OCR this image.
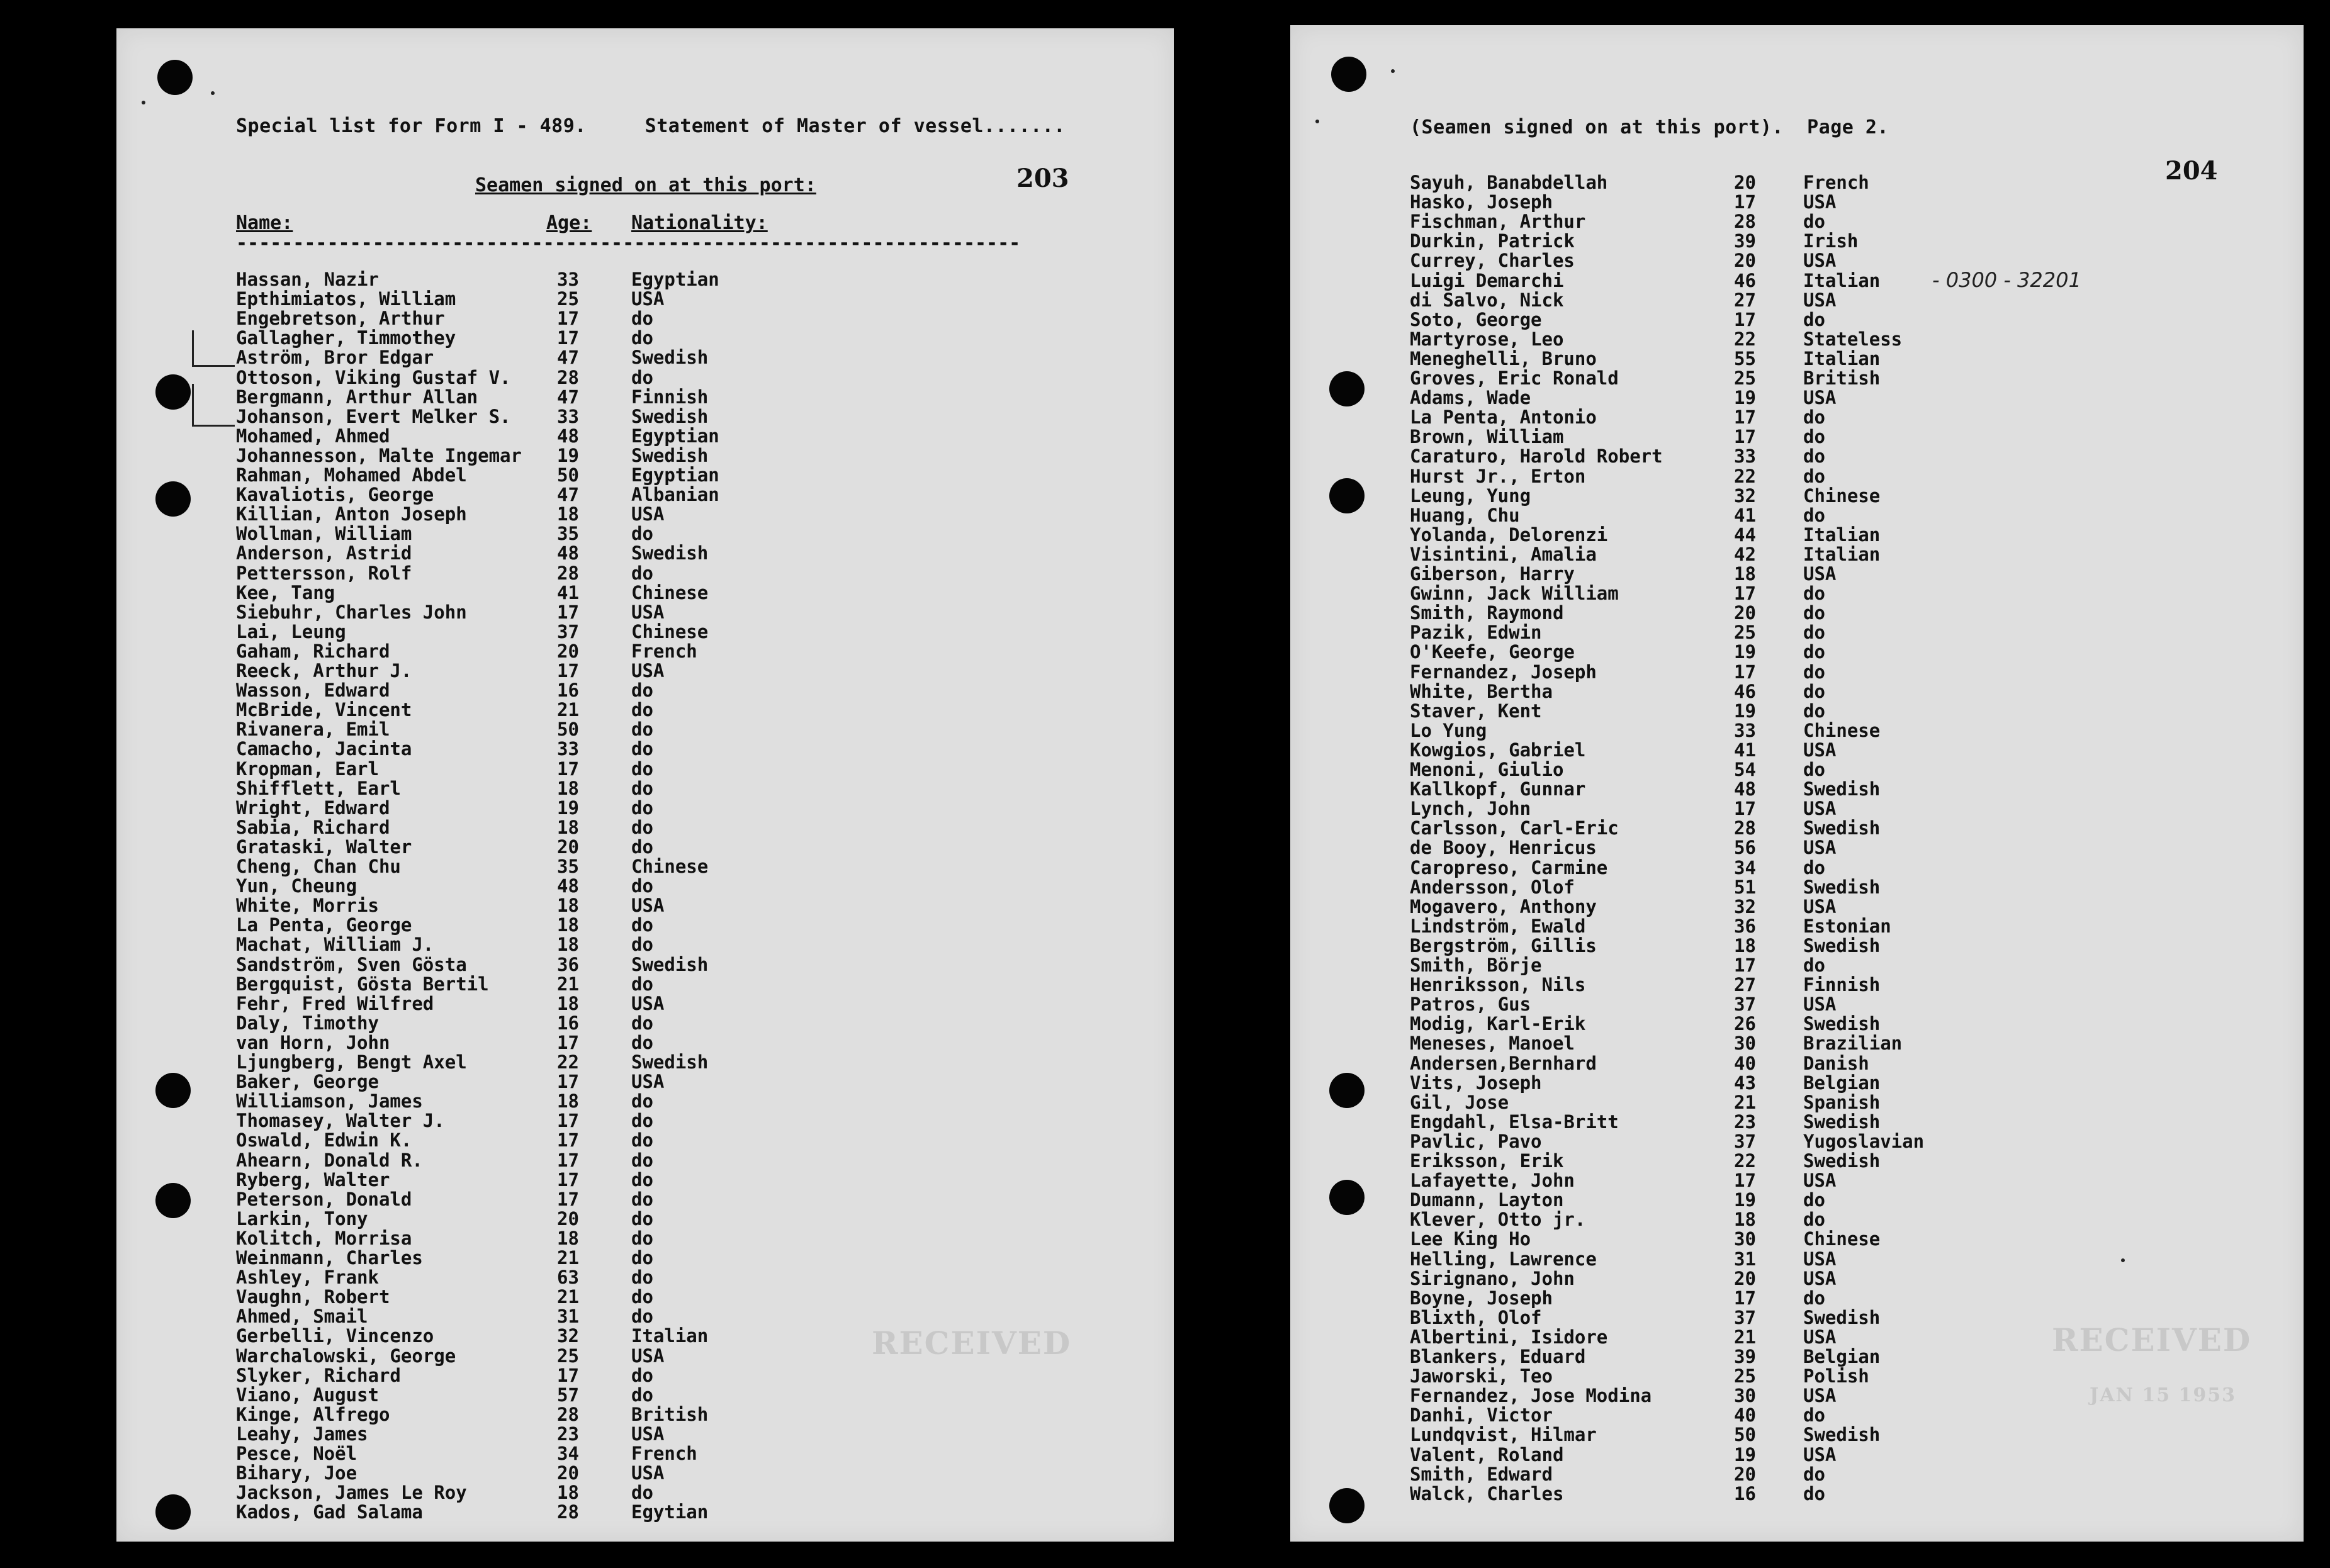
Special list for Form I - 489.     Statement of Master of vessel.......
203
Seamen signed on at this port:
Name:	Age: Nationality:
---------------------------------------------------------------------
Hassan, Nazir	33	Egyptian
Epthimiatos, William	25	USA
Engebretson, Arthur	17	do
Gallagher, Timmothey	17	do
Aström, Bror Edgar	47	Swedish
Ottoson, Viking Gustaf V.	28	do
Bergmann, Arthur Allan	47	Finnish
Johanson, Evert Melker S.	33	Swedish
Mohamed, Ahmed	48	Egyptian
Johannesson, Malte Ingemar 19	Swedish
Rahman, Mohamed Abdel	50	Egyptian
Kavaliotis, George	47	Albanian
Killian, Anton Joseph	18	USA
Wollman, William	35	do
Anderson, Astrid	48	Swedish
Pettersson, Rolf	28	do
Kee, Tang	41	Chinese
Siebuhr, Charles John	17	USA
Lai, Leung	37	Chinese
Gaham, Richard	20	French
Reeck, Arthur J.	17	USA
Wasson, Edward	16	do
McBride, Vincent	21	do
Rivanera, Emil	50	do
Camacho, Jacinta	33	do
Kropman, Earl	17	do
Shifflett, Earl	18	do
Wright, Edward	19	do
Sabia, Richard	18	do
Grataski, Walter	20	do
Cheng, Chan Chu	35	Chinese
Yun, Cheung	48	do
White, Morris	18	USA
La Penta, George	18	do
Machat, William J.	18	do
Sandström, Sven Gösta	36	Swedish
Bergquist, Gösta Bertil	21	do
Fehr, Fred Wilfred	18	USA
Daly, Timothy	16	do
van Horn, John	17	do
Ljungberg, Bengt Axel	22	Swedish
Baker, George	17	USA
Williamson, James	18	do
Thomasey, Walter J.	17	do
Oswald, Edwin K.	17	do
Ahearn, Donald R.	17	do
Ryberg, Walter	17	do
Peterson, Donald	17	do
Larkin, Tony	20	do
Kolitch, Morrisa	18	do
Weinmann, Charles	21	do
Ashley, Frank	63	do
Vaughn, Robert	21	do
Ahmed, Smail	31	do
Gerbelli, Vincenzo	32	Italian
Warchalowski, George	25	USA
Slyker, Richard	17	do
Viano, August	57	do
Kinge, Alfrego	28	British
Leahy, James	23	USA
Pesce, Noël	34	French
Bihary, Joe	20	USA
Jackson, James Le Roy	18	do
Kados, Gad Salama	28	Egytian
RECEIVED
(Seamen signed on at this port).  Page 2.
204
- 0300 - 32201
Sayuh, Banabdellah	20	French
Hasko, Joseph	17	USA
Fischman, Arthur	28	do
Durkin, Patrick	39	Irish
Currey, Charles	20	USA
Luigi Demarchi	46	Italian
di Salvo, Nick	27	USA
Soto, George	17	do
Martyrose, Leo	22	Stateless
Meneghelli, Bruno	55	Italian
Groves, Eric Ronald	25	British
Adams, Wade	19	USA
La Penta, Antonio	17	do
Brown, William	17	do
Caraturo, Harold Robert	33	do
Hurst Jr., Erton	22	do
Leung, Yung	32	Chinese
Huang, Chu	41	do
Yolanda, Delorenzi	44	Italian
Visintini, Amalia	42	Italian
Giberson, Harry	18	USA
Gwinn, Jack William	17	do
Smith, Raymond	20	do
Pazik, Edwin	25	do
O'Keefe, George	19	do
Fernandez, Joseph	17	do
White, Bertha	46	do
Staver, Kent	19	do
Lo Yung	33	Chinese
Kowgios, Gabriel	41	USA
Menoni, Giulio	54	do
Kallkopf, Gunnar	48	Swedish
Lynch, John	17	USA
Carlsson, Carl-Eric	28	Swedish
de Booy, Henricus	56	USA
Caropreso, Carmine	34	do
Andersson, Olof	51	Swedish
Mogavero, Anthony	32	USA
Lindström, Ewald	36	Estonian
Bergström, Gillis	18	Swedish
Smith, Börje	17	do
Henriksson, Nils	27	Finnish
Patros, Gus	37	USA
Modig, Karl-Erik	26	Swedish
Meneses, Manoel	30	Brazilian
Andersen,Bernhard	40	Danish
Vits, Joseph	43	Belgian
Gil, Jose	21	Spanish
Engdahl, Elsa-Britt	23	Swedish
Pavlic, Pavo	37	Yugoslavian
Eriksson, Erik	22	Swedish
Lafayette, John	17	USA
Dumann, Layton	19	do
Klever, Otto jr.	18	do
Lee King Ho	30	Chinese
Helling, Lawrence	31	USA
Sirignano, John	20	USA
Boyne, Joseph	17	do
Blixth, Olof	37	Swedish
Albertini, Isidore	21	USA
Blankers, Eduard	39	Belgian
Jaworski, Teo	25	Polish
Fernandez, Jose Modina	30	USA
Danhi, Victor	40	do
Lundqvist, Hilmar	50	Swedish
Valent, Roland	19	USA
Smith, Edward	20	do
Walck, Charles	16	do
RECEIVED
JAN 15 1953
